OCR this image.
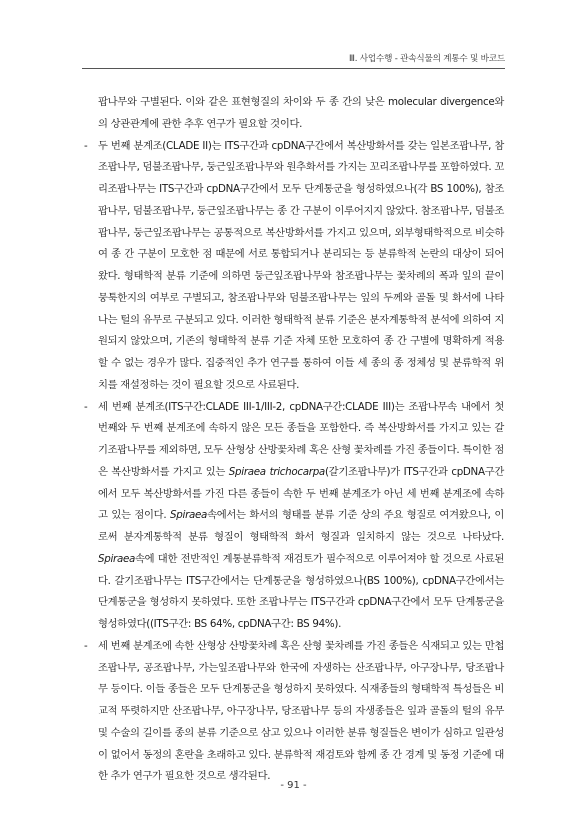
Ⅲ. 사업수행 - 관속식물의 계통수 및 바코드

팝나무와 구별된다. 이와 같은 표현형질의 차이와 두 종 간의 낮은 molecular divergence와의 상관관계에 관한 추후 연구가 필요할 것이다.

- 두 번째 분계조(CLADE II)는 ITS구간과 cpDNA구간에서 복산방화서를 갖는 일본조팝나무, 참조팝나무, 덤불조팝나무, 둥근잎조팝나무와 원추화서를 가지는 꼬리조팝나무를 포함하였다. 꼬리조팝나무는 ITS구간과 cpDNA구간에서 모두 단계통군을 형성하였으나(각 BS 100%), 참조팝나무, 덤불조팝나무, 둥근잎조팝나무는 종 간 구분이 이루어지지 않았다. 참조팝나무, 덤불조팝나무, 둥근잎조팝나무는 공통적으로 복산방화서를 가지고 있으며, 외부형태학적으로 비슷하여 종 간 구분이 모호한 점 때문에 서로 통합되거나 분리되는 등 분류학적 논란의 대상이 되어왔다. 형태학적 분류 기준에 의하면 둥근잎조팝나무와 참조팝나무는 꽃차례의 폭과 잎의 끝이 뭉툭한지의 여부로 구별되고, 참조팝나무와 덤불조팝나무는 잎의 두께와 골돌 및 화서에 나타나는 털의 유무로 구분되고 있다. 이러한 형태학적 분류 기준은 분자계통학적 분석에 의하여 지원되지 않았으며, 기존의 형태학적 분류 기준 자체 또한 모호하여 종 간 구별에 명확하게 적용할 수 없는 경우가 많다. 집중적인 추가 연구를 통하여 이들 세 종의 종 정체성 및 분류학적 위치를 재설정하는 것이 필요할 것으로 사료된다.
- 세 번째 분계조(ITS구간:CLADE III-1/III-2, cpDNA구간:CLADE III)는 조팝나무속 내에서 첫 번째와 두 번째 분계조에 속하지 않은 모든 종들을 포함한다. 즉 복산방화서를 가지고 있는 갈기조팝나무를 제외하면, 모두 산형상 산방꽃차례 혹은 산형 꽃차례를 가진 종들이다. 특이한 점은 복산방화서를 가지고 있는 Spiraea trichocarpa(갈기조팝나무)가 ITS구간과 cpDNA구간에서 모두 복산방화서를 가진 다른 종들이 속한 두 번째 분계조가 아닌 세 번째 분계조에 속하고 있는 점이다. Spiraea속에서는 화서의 형태를 분류 기준 상의 주요 형질로 여겨왔으나, 이로써 분자계통학적 분류 형질이 형태학적 화서 형질과 일치하지 않는 것으로 나타났다. Spiraea속에 대한 전반적인 계통분류학적 재검토가 필수적으로 이루어져야 할 것으로 사료된다. 갈기조팝나무는 ITS구간에서는 단계통군을 형성하였으나(BS 100%), cpDNA구간에서는 단계통군을 형성하지 못하였다. 또한 조팝나무는 ITS구간과 cpDNA구간에서 모두 단계통군을 형성하였다((ITS구간: BS 64%, cpDNA구간: BS 94%).
- 세 번째 분계조에 속한 산형상 산방꽃차례 혹은 산형 꽃차례를 가진 종들은 식재되고 있는 만첩조팝나무, 공조팝나무, 가는잎조팝나무와 한국에 자생하는 산조팝나무, 아구장나무, 당조팝나무 등이다. 이들 종들은 모두 단계통군을 형성하지 못하였다. 식재종들의 형태학적 특성들은 비교적 뚜렷하지만 산조팝나무, 아구장나무, 당조팝나무 등의 자생종들은 잎과 골돌의 털의 유무 및 수술의 길이를 종의 분류 기준으로 삼고 있으나 이러한 분류 형질들은 변이가 심하고 일관성이 없어서 동정의 혼란을 초래하고 있다. 분류학적 재검토와 함께 종 간 경계 및 동정 기준에 대한 추가 연구가 필요한 것으로 생각된다.
- 91 -
